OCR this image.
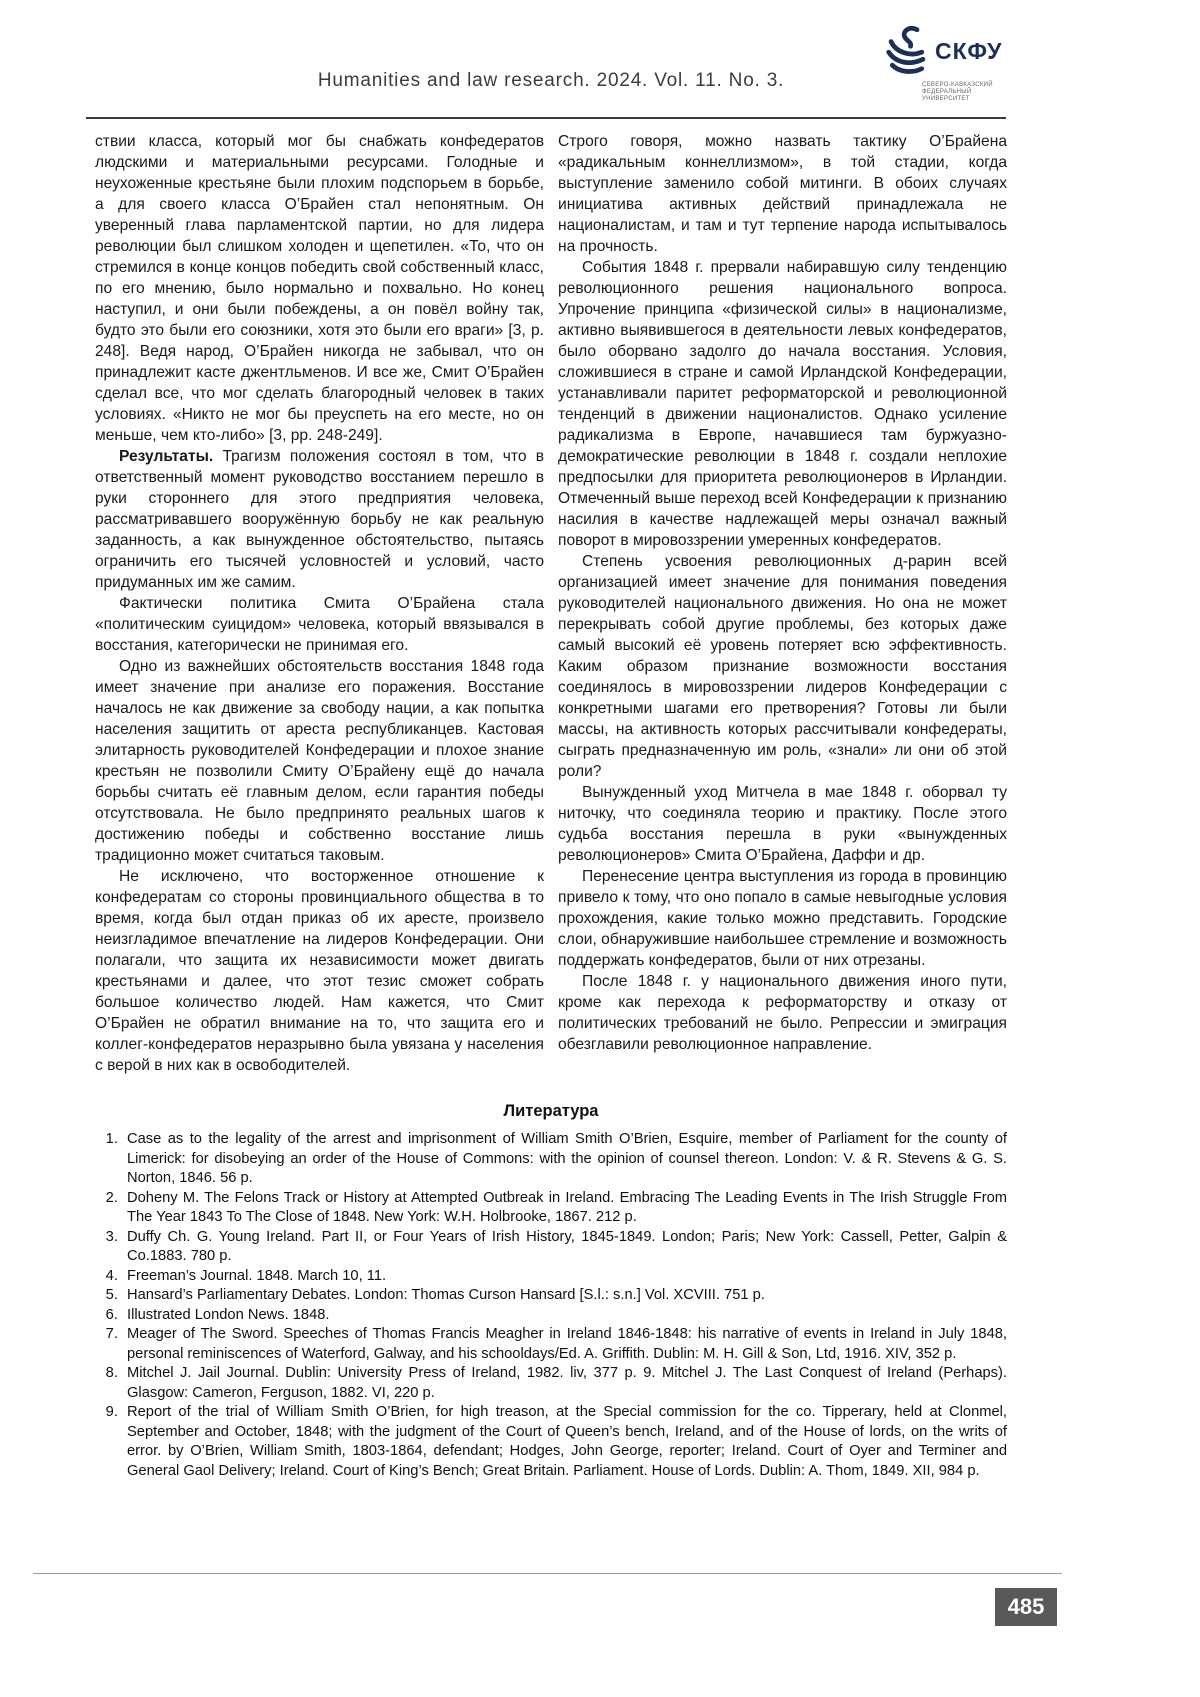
Humanities and law research. 2024. Vol. 11. No. 3.
СКФУ
СЕВЕРО-КАВКАЗСКИЙ ФЕДЕРАЛЬНЫЙ УНИВЕРСИТЕТ

ствии класса, который мог бы снабжать конфедератов людскими и материальными ресурсами. Голодные и неухоженные крестьяне были плохим подспорьем в борьбе, а для своего класса О’Брайен стал непонятным. Он уверенный глава парламентской партии, но для лидера революции был слишком холоден и щепетилен. «То, что он стремился в конце концов победить свой собственный класс, по его мнению, было нормально и похвально. Но конец наступил, и они были побеждены, а он повёл войну так, будто это были его союзники, хотя это были его враги» [3, p. 248]. Ведя народ, О’Брайен никогда не забывал, что он принадлежит касте джентльменов. И все же, Смит О’Брайен сделал все, что мог сделать благородный человек в таких условиях. «Никто не мог бы преуспеть на его месте, но он меньше, чем кто-либо» [3, pp. 248-249].

Результаты. Трагизм положения состоял в том, что в ответственный момент руководство восстанием перешло в руки стороннего для этого предприятия человека, рассматривавшего вооружённую борьбу не как реальную заданность, а как вынужденное обстоятельство, пытаясь ограничить его тысячей условностей и условий, часто придуманных им же самим.

Фактически политика Смита О’Брайена стала «политическим суицидом» человека, который ввязывался в восстания, категорически не принимая его.

Одно из важнейших обстоятельств восстания 1848 года имеет значение при анализе его поражения. Восстание началось не как движение за свободу нации, а как попытка населения защитить от ареста республиканцев. Кастовая элитарность руководителей Конфедерации и плохое знание крестьян не позволили Смиту О’Брайену ещё до начала борьбы считать её главным делом, если гарантия победы отсутствовала. Не было предпринято реальных шагов к достижению победы и собственно восстание лишь традиционно может считаться таковым.

Не исключено, что восторженное отношение к конфедератам со стороны провинциального общества в то время, когда был отдан приказ об их аресте, произвело неизгладимое впечатление на лидеров Конфедерации. Они полагали, что защита их независимости может двигать крестьянами и далее, что этот тезис сможет собрать большое количество людей. Нам кажется, что Смит О’Брайен не обратил внимание на то, что защита его и коллег-конфедератов неразрывно была увязана у населения с верой в них как в освободителей.

Строго говоря, можно назвать тактику О’Брайена «радикальным коннеллизмом», в той стадии, когда выступление заменило собой митинги. В обоих случаях инициатива активных действий принадлежала не националистам, и там и тут терпение народа испытывалось на прочность.

События 1848 г. прервали набиравшую силу тенденцию революционного решения национального вопроса. Упрочение принципа «физической силы» в национализме, активно выявившегося в деятельности левых конфедератов, было оборвано задолго до начала восстания. Условия, сложившиеся в стране и самой Ирландской Конфедерации, устанавливали паритет реформаторской и революционной тенденций в движении националистов. Однако усиление радикализма в Европе, начавшиеся там буржуазно-демократические революции в 1848 г. создали неплохие предпосылки для приоритета революционеров в Ирландии. Отмеченный выше переход всей Конфедерации к признанию насилия в качестве надлежащей меры означал важный поворот в мировоззрении умеренных конфедератов.

Степень усвоения революционных д-рарин всей организацией имеет значение для понимания поведения руководителей национального движения. Но она не может перекрывать собой другие проблемы, без которых даже самый высокий её уровень потеряет всю эффективность. Каким образом признание возможности восстания соединялось в мировоззрении лидеров Конфедерации с конкретными шагами его претворения? Готовы ли были массы, на активность которых рассчитывали конфедераты, сыграть предназначенную им роль, «знали» ли они об этой роли?

Вынужденный уход Митчела в мае 1848 г. оборвал ту ниточку, что соединяла теорию и практику. После этого судьба восстания перешла в руки «вынужденных революционеров» Смита О’Брайена, Даффи и др.

Перенесение центра выступления из города в провинцию привело к тому, что оно попало в самые невыгодные условия прохождения, какие только можно представить. Городские слои, обнаружившие наибольшее стремление и возможность поддержать конфедератов, были от них отрезаны.

После 1848 г. у национального движения иного пути, кроме как перехода к реформаторству и отказу от политических требований не было. Репрессии и эмиграция обезглавили революционное направление.

Литература
1. Case as to the legality of the arrest and imprisonment of William Smith O’Brien, Esquire, member of Parliament for the county of Limerick: for disobeying an order of the House of Commons: with the opinion of counsel thereon. London: V. & R. Stevens & G. S. Norton, 1846. 56 p.
2. Doheny M. The Felons Track or History at Attempted Outbreak in Ireland. Embracing The Leading Events in The Irish Struggle From The Year 1843 To The Close of 1848. New York: W.H. Holbrooke, 1867. 212 p.
3. Duffy Ch. G. Young Ireland. Part II, or Four Years of Irish History, 1845-1849. London; Paris; New York: Cassell, Petter, Galpin & Co.1883. 780 p.
4. Freeman’s Journal. 1848. March 10, 11.
5. Hansard’s Parliamentary Debates. London: Thomas Curson Hansard [S.l.: s.n.] Vol. XCVIII. 751 p.
6. Illustrated London News. 1848.
7. Meager of The Sword. Speeches of Thomas Francis Meagher in Ireland 1846-1848: his narrative of events in Ireland in July 1848, personal reminiscences of Waterford, Galway, and his schooldays/Ed. A. Griffith. Dublin: M. H. Gill & Son, Ltd, 1916. XIV, 352 p.
8. Mitchel J. Jail Journal. Dublin: University Press of Ireland, 1982. liv, 377 p. 9. Mitchel J. The Last Conquest of Ireland (Perhaps). Glasgow: Cameron, Ferguson, 1882. VI, 220 p.
9. Report of the trial of William Smith O’Brien, for high treason, at the Special commission for the co. Tipperary, held at Clonmel, September and October, 1848; with the judgment of the Court of Queen’s bench, Ireland, and of the House of lords, on the writs of error. by O’Brien, William Smith, 1803-1864, defendant; Hodges, John George, reporter; Ireland. Court of Oyer and Terminer and General Gaol Delivery; Ireland. Court of King’s Bench; Great Britain. Parliament. House of Lords. Dublin: A. Thom, 1849. XII, 984 p.
485
